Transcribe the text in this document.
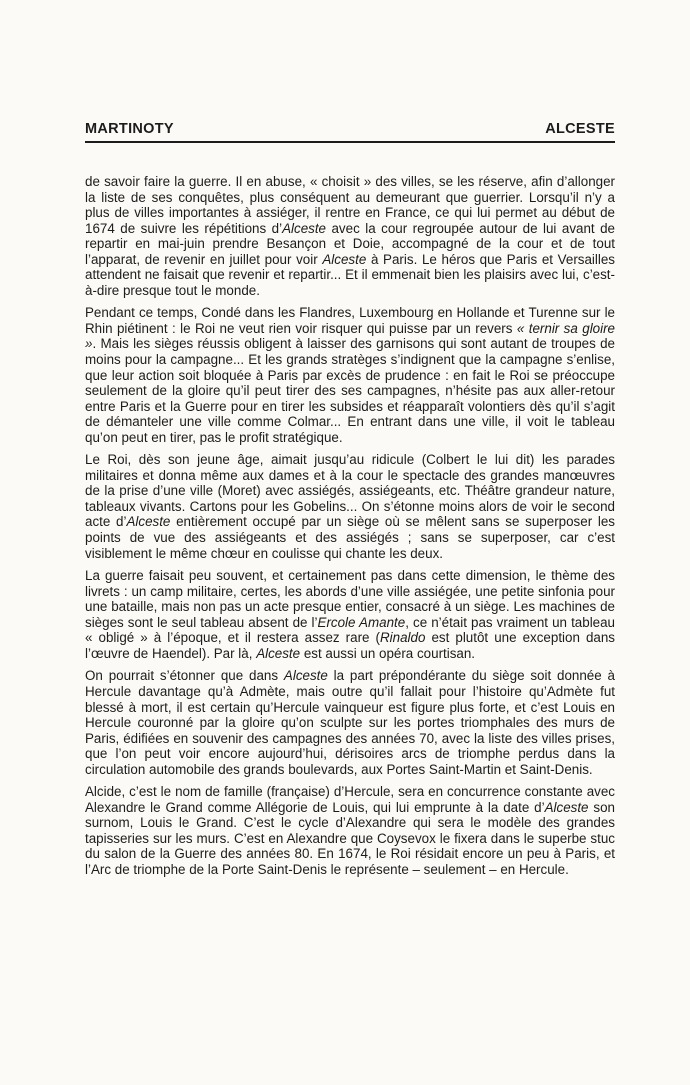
MARTINOTY	ALCESTE

de savoir faire la guerre. Il en abuse, « choisit » des villes, se les réserve, afin d’allonger la liste de ses conquêtes, plus conséquent au demeurant que guerrier. Lorsqu’il n’y a plus de villes importantes à assiéger, il rentre en France, ce qui lui permet au début de 1674 de suivre les répétitions d’Alceste avec la cour regroupée autour de lui avant de repartir en mai-juin prendre Besançon et Doie, accompagné de la cour et de tout l’apparat, de revenir en juillet pour voir Alceste à Paris. Le héros que Paris et Versailles attendent ne faisait que revenir et repartir... Et il emmenait bien les plaisirs avec lui, c’est-à-dire presque tout le monde.

Pendant ce temps, Condé dans les Flandres, Luxembourg en Hollande et Turenne sur le Rhin piétinent : le Roi ne veut rien voir risquer qui puisse par un revers « ternir sa gloire ». Mais les sièges réussis obligent à laisser des garnisons qui sont autant de troupes de moins pour la campagne... Et les grands stratèges s’indignent que la campagne s’enlise, que leur action soit bloquée à Paris par excès de prudence : en fait le Roi se préoccupe seulement de la gloire qu’il peut tirer des ses campagnes, n’hésite pas aux aller-retour entre Paris et la Guerre pour en tirer les subsides et réapparaît volontiers dès qu’il s’agit de démanteler une ville comme Colmar... En entrant dans une ville, il voit le tableau qu’on peut en tirer, pas le profit stratégique.

Le Roi, dès son jeune âge, aimait jusqu’au ridicule (Colbert le lui dit) les parades militaires et donna même aux dames et à la cour le spectacle des grandes manœuvres de la prise d’une ville (Moret) avec assiégés, assiégeants, etc. Théâtre grandeur nature, tableaux vivants. Cartons pour les Gobelins... On s’étonne moins alors de voir le second acte d’Alceste entièrement occupé par un siège où se mêlent sans se superposer les points de vue des assiégeants et des assiégés ; sans se superposer, car c’est visiblement le même chœur en coulisse qui chante les deux.

La guerre faisait peu souvent, et certainement pas dans cette dimension, le thème des livrets : un camp militaire, certes, les abords d’une ville assiégée, une petite sinfonia pour une bataille, mais non pas un acte presque entier, consacré à un siège. Les machines de sièges sont le seul tableau absent de l’Ercole Amante, ce n’était pas vraiment un tableau « obligé » à l’époque, et il restera assez rare (Rinaldo est plutôt une exception dans l’œuvre de Haendel). Par là, Alceste est aussi un opéra courtisan.

On pourrait s’étonner que dans Alceste la part prépondérante du siège soit donnée à Hercule davantage qu’à Admète, mais outre qu’il fallait pour l’histoire qu’Admète fut blessé à mort, il est certain qu’Hercule vainqueur est figure plus forte, et c’est Louis en Hercule couronné par la gloire qu’on sculpte sur les portes triomphales des murs de Paris, édifiées en souvenir des campagnes des années 70, avec la liste des villes prises, que l’on peut voir encore aujourd’hui, dérisoires arcs de triomphe perdus dans la circulation automobile des grands boulevards, aux Portes Saint-Martin et Saint-Denis.

Alcide, c’est le nom de famille (française) d’Hercule, sera en concurrence constante avec Alexandre le Grand comme Allégorie de Louis, qui lui emprunte à la date d’Alceste son surnom, Louis le Grand. C’est le cycle d’Alexandre qui sera le modèle des grandes tapisseries sur les murs. C’est en Alexandre que Coysevox le fixera dans le superbe stuc du salon de la Guerre des années 80. En 1674, le Roi résidait encore un peu à Paris, et l’Arc de triomphe de la Porte Saint-Denis le représente – seulement – en Hercule.
